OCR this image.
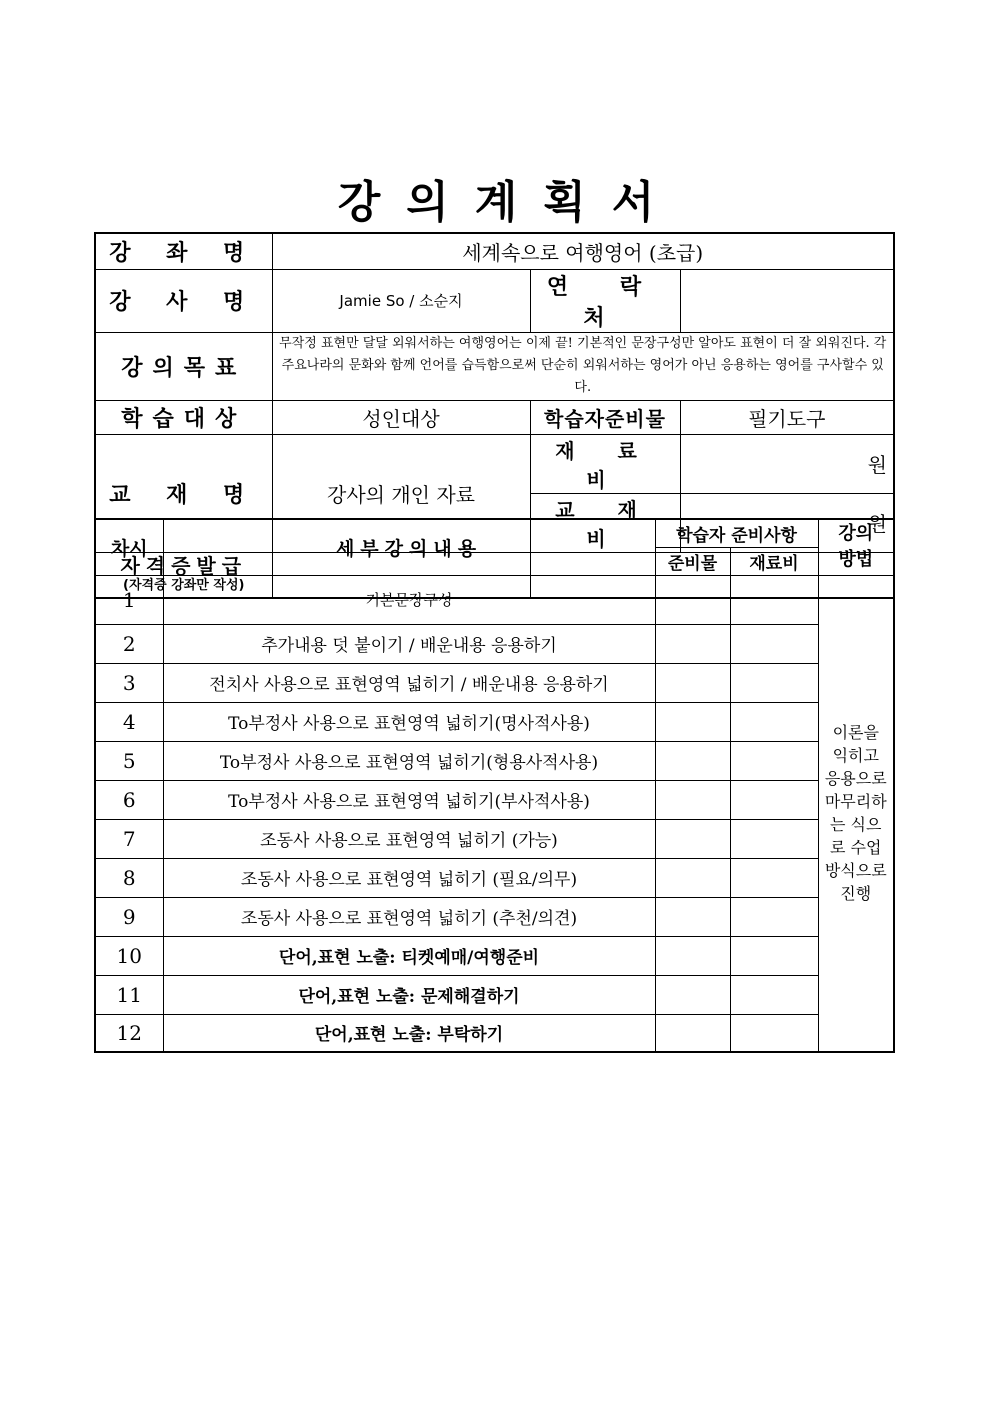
강의계획서
강 좌 명	세계속으로 여행영어 (초급)		
강 사 명	Jamie So / 소순지	연 락 처	
강의목표	무작정 표현만 달달 외워서하는 여행영어는 이제 끝! 기본적인 문장구성만 알아도 표현이 더 잘 외워진다. 각 주요나라의 문화와 함께 언어를 습득함으로써 단순히 외워서하는 영어가 아닌 응용하는 영어를 구사할수 있다.		
학습대상	성인대상	학습자준비물	필기도구
교 재 명	강사의 개인 자료	재 료 비	원
		교 재 비	원

자격증발급
(자격증 강좌만 작성)			

차시	세부강의내용	학습자 준비사항		강의 방법
		준비물	재료비	
1	기본문장구성			이론을 익히고 응용으로 마무리하는 식으로 수업 방식으로 진행
2	추가내용 덧 붙이기 / 배운내용 응용하기			
3	전치사 사용으로 표현영역 넓히기 / 배운내용 응용하기			
4	To부정사 사용으로 표현영역 넓히기(명사적사용)			
5	To부정사 사용으로 표현영역 넓히기(형용사적사용)			
6	To부정사 사용으로 표현영역 넓히기(부사적사용)			
7	조동사 사용으로 표현영역 넓히기 (가능)			
8	조동사 사용으로 표현영역 넓히기 (필요/의무)			
9	조동사 사용으로 표현영역 넓히기 (추천/의견)			
10	단어,표현 노출: 티켓예매/여행준비			
11	단어,표현 노출: 문제해결하기			
12	단어,표현 노출: 부탁하기			
